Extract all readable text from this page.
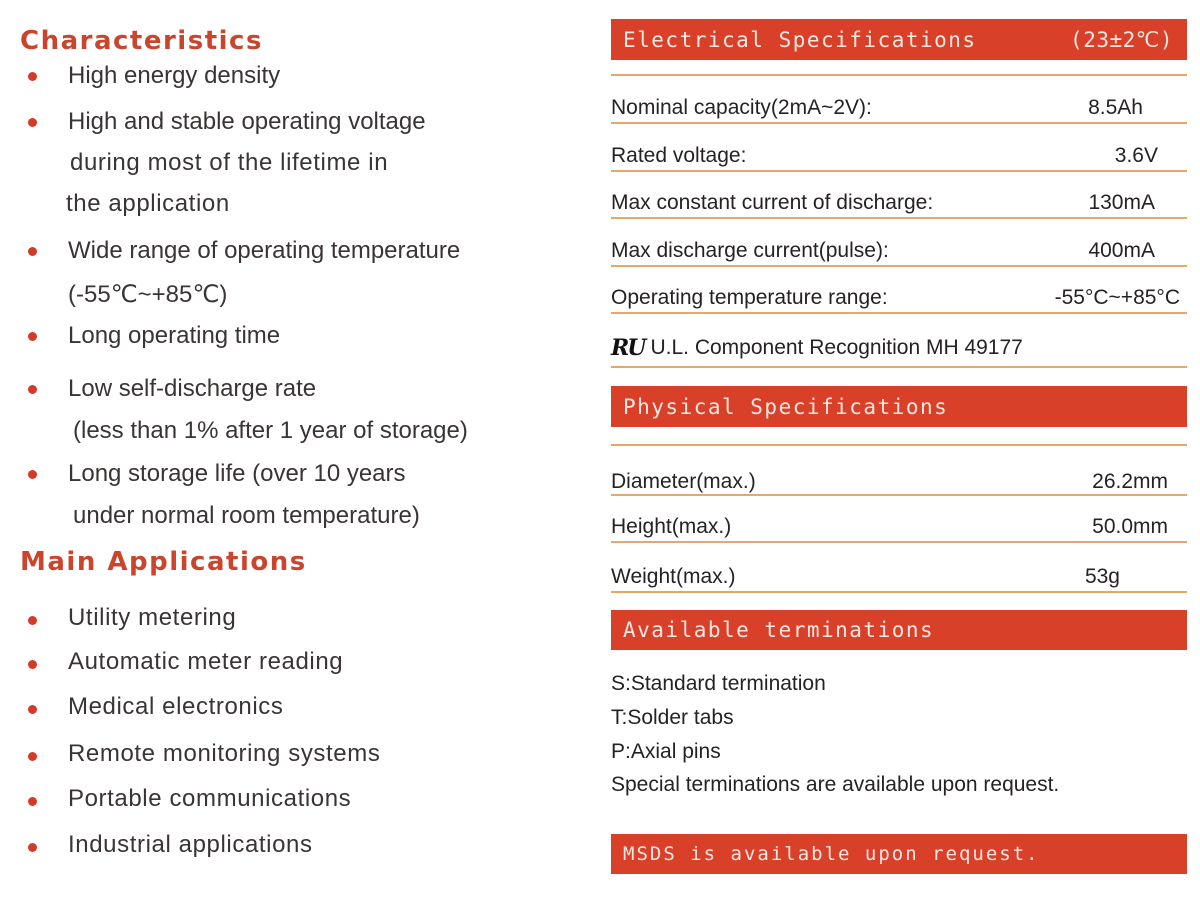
Characteristics
High energy density
High and stable operating voltage
during most of the lifetime in
the application
Wide range of operating temperature
(-55℃~+85℃)
Long operating time
Low self-discharge rate
(less than 1% after 1 year of storage)
Long storage life (over 10 years
under normal room temperature)
Main Applications
Utility metering
Automatic meter reading
Medical electronics
Remote monitoring systems
Portable communications
Industrial applications
Electrical Specifications	(23±2℃)
Nominal capacity(2mA~2V):	8.5Ah
Rated voltage:	3.6V
Max constant current of discharge:	130mA
Max discharge current(pulse):	400mA
Operating temperature range:	-55°C~+85°C
RU U.L. Component Recognition MH 49177
Physical Specifications
Diameter(max.)	26.2mm
Height(max.)	50.0mm
Weight(max.)	53g
Available terminations
S:Standard termination
T:Solder tabs
P:Axial pins
Special terminations are available upon request.
MSDS is available upon request.
